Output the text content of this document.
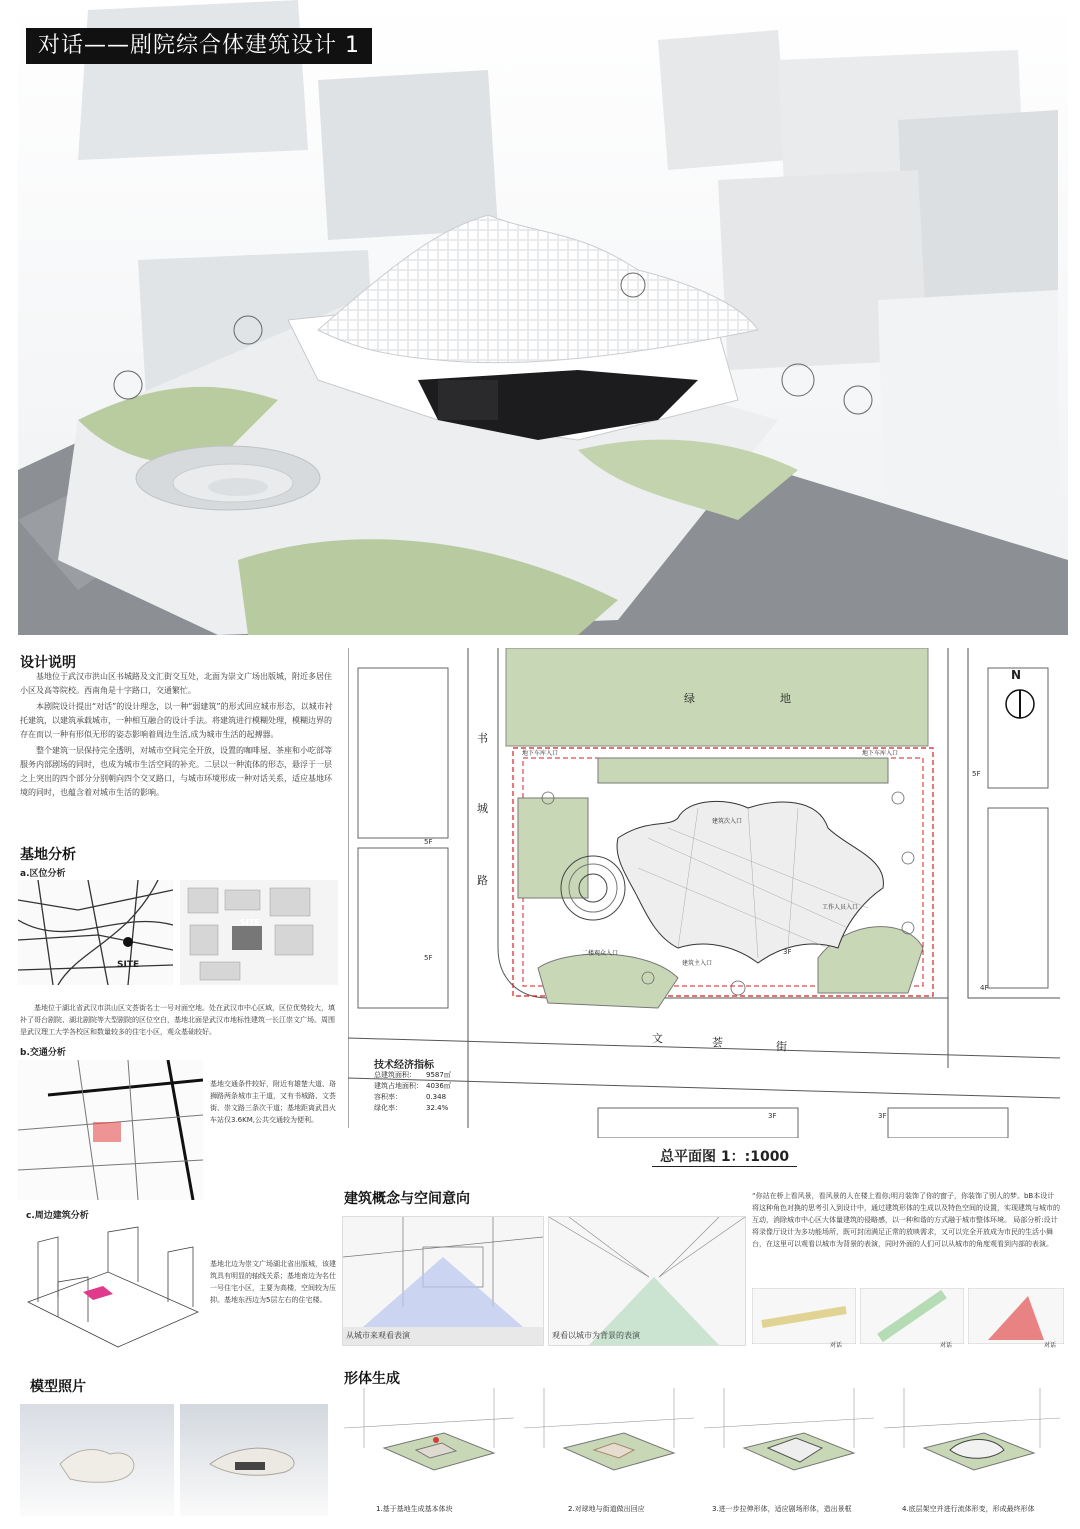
对话——剧院综合体建筑设计 1
设计说明

基地位于武汉市洪山区书城路及文汇街交互处，北面为崇文广场出版城，附近多居住小区及高等院校。西南角是十字路口，交通繁忙。

本剧院设计提出“对话”的设计理念，以一种“弱建筑”的形式回应城市形态，以城市衬托建筑，以建筑承载城市，一种相互融合的设计手法。将建筑进行模糊处理，模糊边界的存在而以一种有形似无形的姿态影响着周边生活,成为城市生活的起搏器。

整个建筑一层保持完全透明，对城市空间完全开放，设置的咖啡屋、茶座和小吃部等服务内部剧场的同时，也成为城市生活空间的补充。二层以一种流体的形态，悬浮于一层之上突出的四个部分分别朝向四个交叉路口，与城市环境形成一种对话关系，适应基地环境的同时，也蕴含着对城市生活的影响。

基地分析
a.区位分析
SITE
SITE
基地位于湖北省武汉市洪山区文荟街名士一号对面空地。处在武汉市中心区域，区位优势较大，填补了哥台剧院、湖北剧院等大型剧院的区位空白，基地北面是武汉市地标性建筑一长江崇文广场。周围是武汉理工大学各校区和数量较多的住宅小区，观众基础较好。
b.交通分析
基地交通条件较好，附近有雄楚大道、珞狮路两条城市主干道，又有书城路、文荟街、崇文路三条次干道；基地距离武昌火车站仅3.6KM,公共交通较为便利。
c.周边建筑分析
基地北边为崇文广场湖北省出版城，该建筑具有明显的轴线关系；基地南边为名仕一号住宅小区，主要为高楼，空间较为压抑。基地东西边为5层左右的住宅楼。
N
绿	地
书
城
路
文	荟	街
5F
5F
5F
4F
3F
3F	3F
建筑次入口
工作人员入口
建筑主入口
二楼观众入口
地下车库入口	地下车库入口
技术经济指标
总建筑面积：	9587㎡
建筑占地面积： 4036㎡
容积率：	0.348
绿化率：	32.4%
总平面图 1：:1000
建筑概念与空间意向
从城市来观看表演	观看以城市为背景的表演
“你站在桥上看风景，看风景的人在楼上看你;明月装饰了你的窗子，你装饰了别人的梦。bB本设计将这种角色对换的思考引入到设计中，通过建筑形体的生成以及特色空间的设置，实现建筑与城市的互动，消除城市中心区大体量建筑的侵略感，以一种和谐的方式融于城市整体环境。 局部分析:设计将录像厅设计为多功能场所，既可封闭满足正常的放映需求，又可以完全开放成为市民的生活小舞台，在这里可以观看以城市为背景的表演，同时外面的人们可以从城市的角度观看到内部的表演。
对话	对话	对话
模型照片	形体生成
1.基于基地生成基本体块	2.对球地与街道做出回应	3.进一步拉伸形体，适应剧场形体，造出景框	4.底层架空并进行流体形变，形成最终形体
